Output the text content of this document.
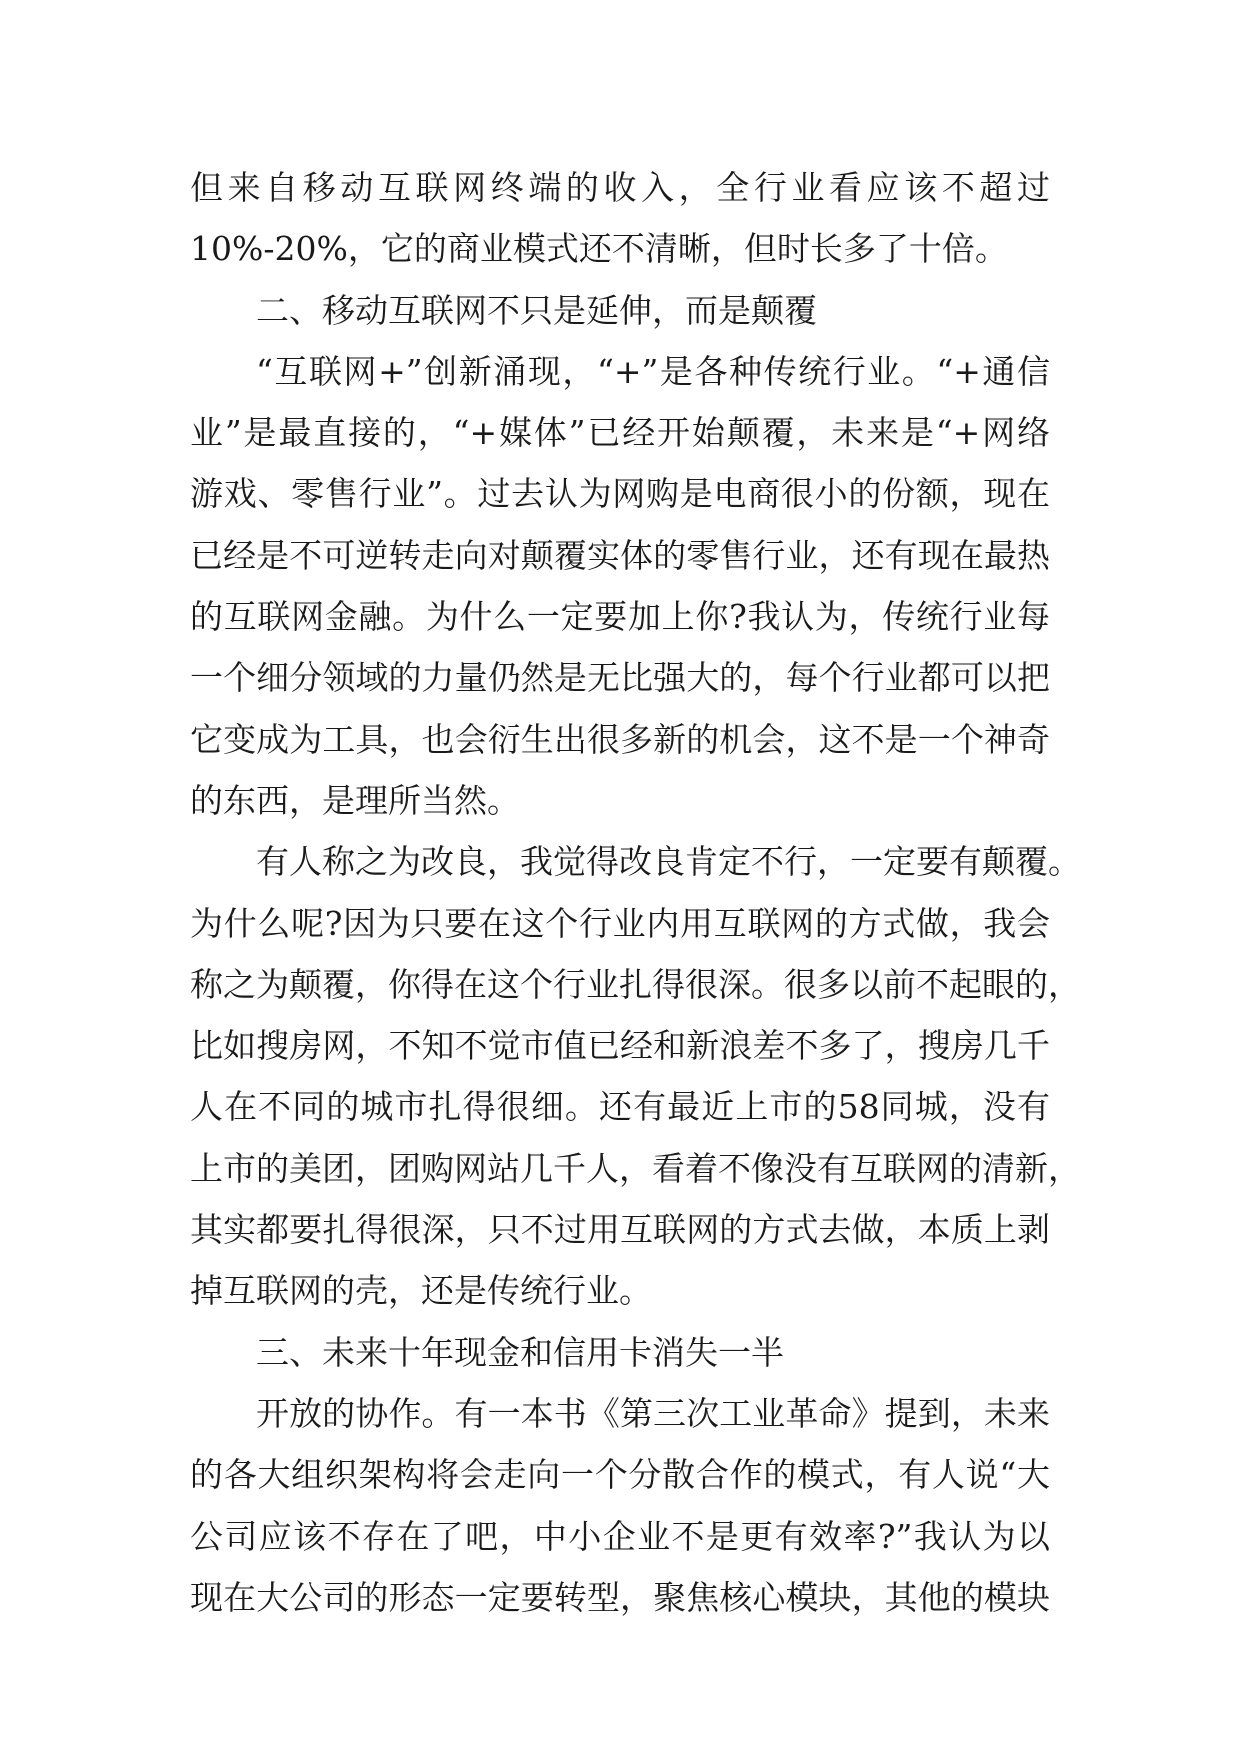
但来自移动互联网终端的收入，全行业看应该不超过
10%-20%，它的商业模式还不清晰，但时长多了十倍。
二、移动互联网不只是延伸，而是颠覆
“互联网+”创新涌现，“+”是各种传统行业。“+通信
业”是最直接的，“+媒体”已经开始颠覆，未来是“+网络
游戏、零售行业”。过去认为网购是电商很小的份额，现在
已经是不可逆转走向对颠覆实体的零售行业，还有现在最热
的互联网金融。为什么一定要加上你?我认为，传统行业每
一个细分领域的力量仍然是无比强大的，每个行业都可以把
它变成为工具，也会衍生出很多新的机会，这不是一个神奇
的东西，是理所当然。
有人称之为改良，我觉得改良肯定不行，一定要有颠覆。
为什么呢?因为只要在这个行业内用互联网的方式做，我会
称之为颠覆，你得在这个行业扎得很深。很多以前不起眼的，
比如搜房网，不知不觉市值已经和新浪差不多了，搜房几千
人在不同的城市扎得很细。还有最近上市的58同城，没有
上市的美团，团购网站几千人，看着不像没有互联网的清新，
其实都要扎得很深，只不过用互联网的方式去做，本质上剥
掉互联网的壳，还是传统行业。
三、未来十年现金和信用卡消失一半
开放的协作。有一本书《第三次工业革命》提到，未来
的各大组织架构将会走向一个分散合作的模式，有人说“大
公司应该不存在了吧，中小企业不是更有效率?”我认为以
现在大公司的形态一定要转型，聚焦核心模块，其他的模块
